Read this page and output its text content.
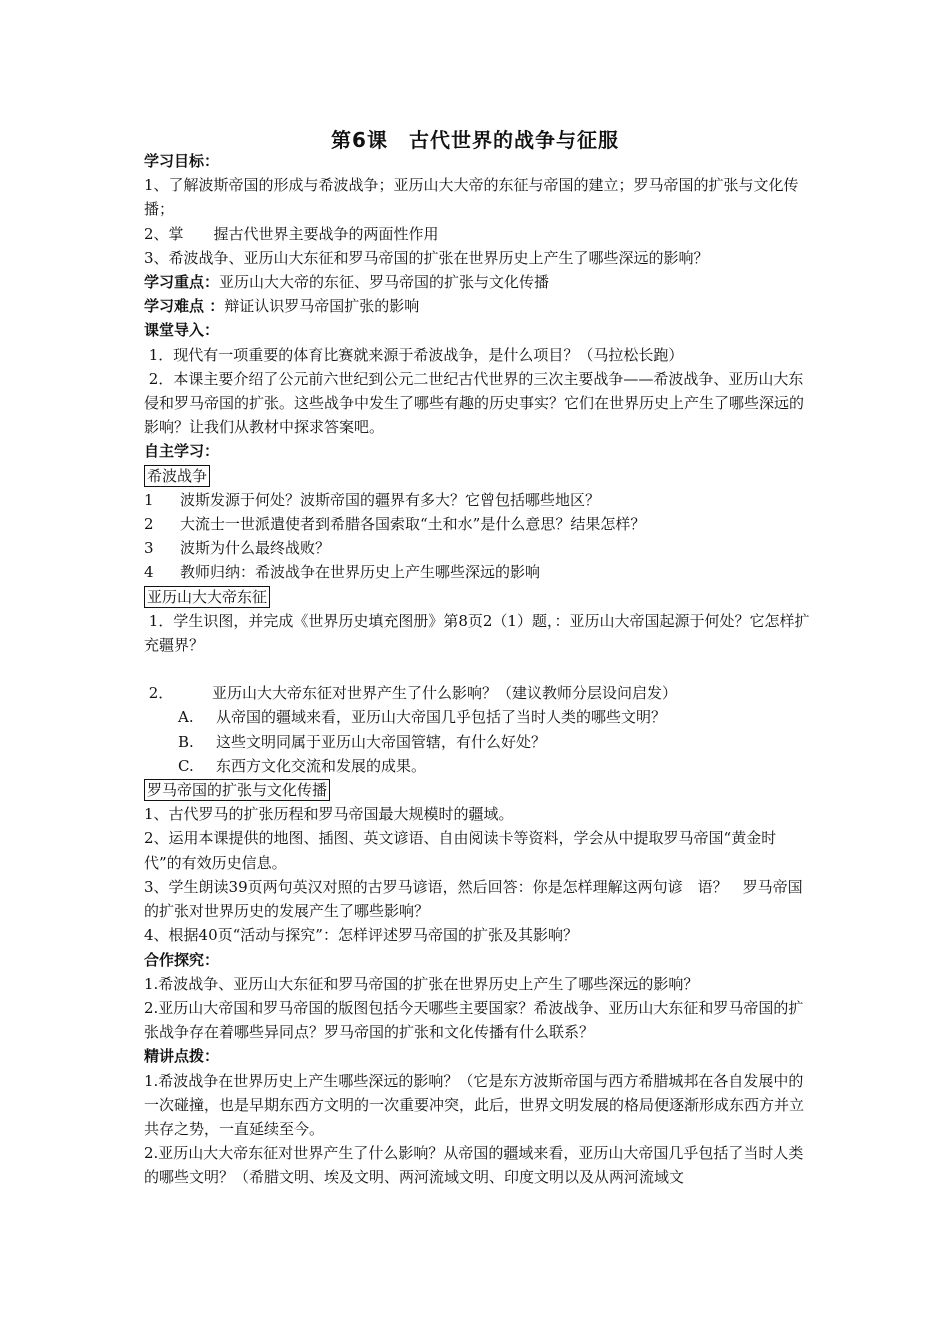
第6课　古代世界的战争与征服
学习目标：
1、了解波斯帝国的形成与希波战争；亚历山大大帝的东征与帝国的建立；罗马帝国的扩张与文化传播；
2、掌　　握古代世界主要战争的两面性作用
3、希波战争、亚历山大东征和罗马帝国的扩张在世界历史上产生了哪些深远的影响？
学习重点：亚历山大大帝的东征、罗马帝国的扩张与文化传播
学习难点 ：辩证认识罗马帝国扩张的影响
课堂导入：
1．现代有一项重要的体育比赛就来源于希波战争，是什么项目？（马拉松长跑）
2．本课主要介绍了公元前六世纪到公元二世纪古代世界的三次主要战争——希波战争、亚历山大东侵和罗马帝国的扩张。这些战争中发生了哪些有趣的历史事实？它们在世界历史上产生了哪些深远的影响？让我们从教材中探求答案吧。
自主学习：
希波战争
1 波斯发源于何处？波斯帝国的疆界有多大？它曾包括哪些地区？
2 大流士一世派遣使者到希腊各国索取“土和水”是什么意思？结果怎样？
3 波斯为什么最终战败？
4 教师归纳：希波战争在世界历史上产生哪些深远的影响
亚历山大大帝东征
1．学生识图，并完成《世界历史填充图册》第8页2（1）题，：亚历山大帝国起源于何处？它怎样扩充疆界？
2．	亚历山大大帝东征对世界产生了什么影响？（建议教师分层设问启发）
A. 从帝国的疆域来看，亚历山大帝国几乎包括了当时人类的哪些文明？
B. 这些文明同属于亚历山大帝国管辖，有什么好处？
C. 东西方文化交流和发展的成果。
罗马帝国的扩张与文化传播
1、古代罗马的扩张历程和罗马帝国最大规模时的疆域。
2、运用本课提供的地图、插图、英文谚语、自由阅读卡等资料，学会从中提取罗马帝国“黄金时代”的有效历史信息。
3、学生朗读39页两句英汉对照的古罗马谚语，然后回答：你是怎样理解这两句谚　语？　罗马帝国的扩张对世界历史的发展产生了哪些影响？
4、根据40页“活动与探究”：怎样评述罗马帝国的扩张及其影响？
合作探究：
1.希波战争、亚历山大东征和罗马帝国的扩张在世界历史上产生了哪些深远的影响？
2.亚历山大帝国和罗马帝国的版图包括今天哪些主要国家？希波战争、亚历山大东征和罗马帝国的扩张战争存在着哪些异同点？罗马帝国的扩张和文化传播有什么联系？
精讲点拨：
1.希波战争在世界历史上产生哪些深远的影响？（它是东方波斯帝国与西方希腊城邦在各自发展中的一次碰撞，也是早期东西方文明的一次重要冲突，此后，世界文明发展的格局便逐渐形成东西方并立共存之势，一直延续至今。
2.亚历山大大帝东征对世界产生了什么影响？从帝国的疆域来看，亚历山大帝国几乎包括了当时人类的哪些文明？（希腊文明、埃及文明、两河流域文明、印度文明以及从两河流域文
